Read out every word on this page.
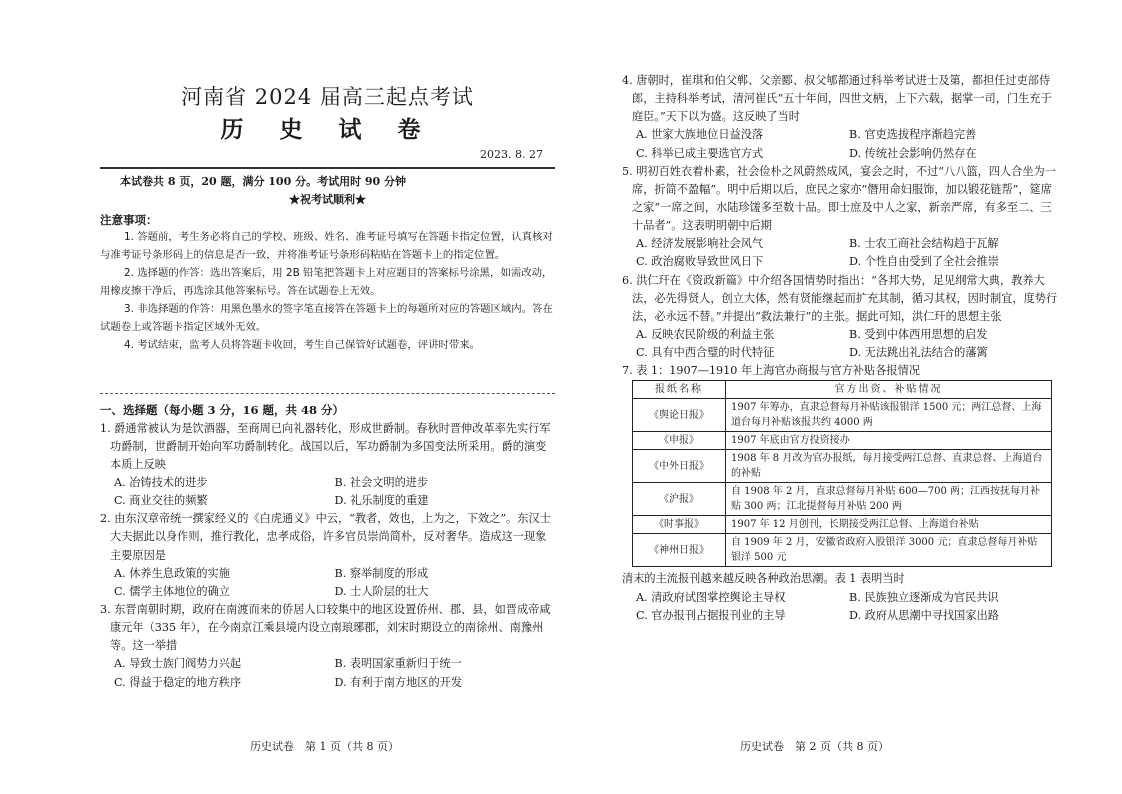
河南省 2024 届高三起点考试
历 史 试 卷
2023. 8. 27
本试卷共 8 页，20 题，满分 100 分。考试用时 90 分钟
★祝考试顺利★
注意事项：

1. 答题前，考生务必将自己的学校、班级、姓名、准考证号填写在答题卡指定位置，认真核对与准考证号条形码上的信息是否一致，并将准考证号条形码粘贴在答题卡上的指定位置。

2. 选择题的作答：选出答案后，用 2B 铅笔把答题卡上对应题目的答案标号涂黑，如需改动，用橡皮擦干净后，再选涂其他答案标号。答在试题卷上无效。

3. 非选择题的作答：用黑色墨水的签字笔直接答在答题卡上的每题所对应的答题区域内。答在试题卷上或答题卡指定区域外无效。

4. 考试结束，监考人员将答题卡收回，考生自己保管好试题卷，评讲时带来。

一、选择题（每小题 3 分，16 题，共 48 分）

1. 爵通常被认为是饮酒器，至商周已向礼器转化，形成世爵制。春秋时晋伸改革率先实行军功爵制，世爵制开始向军功爵制转化。战国以后，军功爵制为多国变法所采用。爵的演变本质上反映

A. 冶铸技术的进步	B. 社会文明的进步
C. 商业交往的频繁	D. 礼乐制度的重建

2. 由东汉章帝统一撰家经义的《白虎通义》中云，“教者，效也，上为之，下效之”。东汉士大夫据此以身作则，推行教化，忠孝成俗，许多官员崇尚简朴，反对奢华。造成这一现象主要原因是

A. 休养生息政策的实施	B. 察举制度的形成
C. 儒学主体地位的确立	D. 士人阶层的壮大

3. 东晋南朝时期，政府在南渡而来的侨居人口较集中的地区设置侨州、郡、县，如晋成帝咸康元年（335 年），在今南京江乘县境内设立南琅琊郡，刘宋时期设立的南徐州、南豫州等。这一举措

A. 导致士族门阀势力兴起	B. 表明国家重新归于统一
C. 得益于稳定的地方秩序	D. 有利于南方地区的开发
历史试卷　第 1 页（共 8 页）

4. 唐朝时，崔琪和伯父郸、父亲郾、叔父郇都通过科举考试进士及第，都担任过吏部侍郎，主持科举考试，清河崔氏“五十年间，四世文柄，上下六载，据掌一司，门生充于庭臣。”天下以为盛。这反映了当时

A. 世家大族地位日益没落	B. 官吏选拔程序渐趋完善
C. 科举已成主要选官方式	D. 传统社会影响仍然存在

5. 明初百姓衣着朴素，社会俭朴之风蔚然成风，宴会之时，不过“八八篮，四人合坐为一席，折简不盈幅”。明中后期以后，庶民之家亦“僭用命妇服饰，加以锻花链帮”，筵席之家“一席之间，水陆珍馐多至数十品。即士庶及中人之家，新亲严席，有多至二、三十品者”。这表明明朝中后期

A. 经济发展影响社会风气	B. 士农工商社会结构趋于瓦解
C. 政治腐败导致世风日下	D. 个性自由受到了全社会推崇

6. 洪仁玕在《资政新篇》中介绍各国情势时指出：“各邦大势，足见纲常大典，教养大法，必先得贤人，创立大体，然有贤能继起而扩充其制，循习其权，因时制宜，度势行法，必永远不替。”并提出“救法兼行”的主张。据此可知，洪仁玕的思想主张

A. 反映农民阶级的利益主张	B. 受到中体西用思想的启发
C. 具有中西合璧的时代特征	D. 无法跳出礼法结合的藩篱

7. 表 1：1907—1910 年上海官办商报与官方补贴各报情况

报纸名称	官方出资、补贴情况
《舆论日报》	1907 年筹办，直隶总督每月补贴该报银洋 1500 元；两江总督、上海道台每月补贴该报共约 4000 两
《申报》	1907 年底由官方投资接办
《中外日报》	1908 年 8 月改为官办报纸，每月接受两江总督、直隶总督、上海道台的补贴
《沪报》	自 1908 年 2 月，直隶总督每月补贴 600—700 两；江西按抚每月补贴 300 两；江北提督每月补贴 200 两
《时事报》	1907 年 12 月创刊，长期接受两江总督、上海道台补贴
《神州日报》	自 1909 年 2 月，安徽省政府入股银洋 3000 元；直隶总督每月补贴银洋 500 元

清末的主流报刊越来越反映各种政治思潮。表 1 表明当时

A. 清政府试图掌控舆论主导权	B. 民族独立逐渐成为官民共识
C. 官办报刊占据报刊业的主导	D. 政府从思潮中寻找国家出路
历史试卷　第 2 页（共 8 页）
